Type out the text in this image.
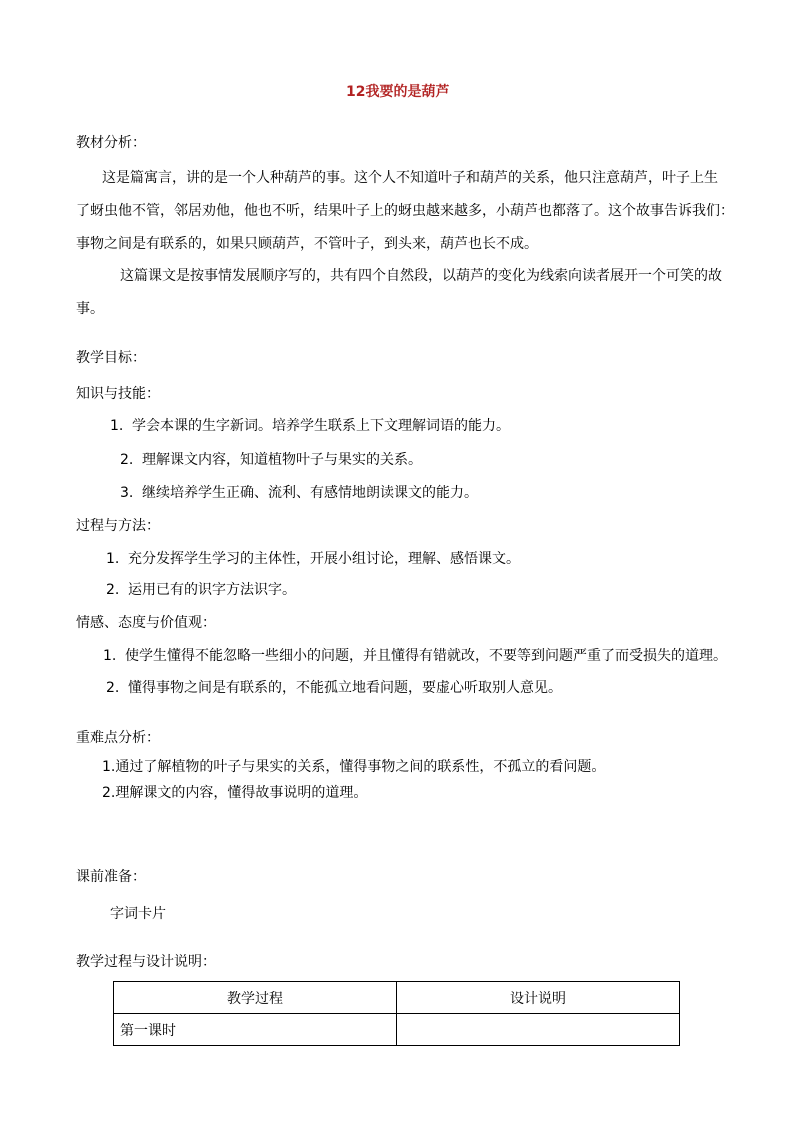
12我要的是葫芦
教材分析：
这是篇寓言，讲的是一个人种葫芦的事。这个人不知道叶子和葫芦的关系，他只注意葫芦，叶子上生
了蚜虫他不管，邻居劝他，他也不听，结果叶子上的蚜虫越来越多，小葫芦也都落了。这个故事告诉我们：
事物之间是有联系的，如果只顾葫芦，不管叶子，到头来，葫芦也长不成。
这篇课文是按事情发展顺序写的，共有四个自然段，以葫芦的变化为线索向读者展开一个可笑的故
事。
教学目标：
知识与技能：
1. 学会本课的生字新词。培养学生联系上下文理解词语的能力。
2. 理解课文内容，知道植物叶子与果实的关系。
3. 继续培养学生正确、流利、有感情地朗读课文的能力。
过程与方法：
1. 充分发挥学生学习的主体性，开展小组讨论，理解、感悟课文。
2. 运用已有的识字方法识字。
情感、态度与价值观：
1. 使学生懂得不能忽略一些细小的问题，并且懂得有错就改，不要等到问题严重了而受损失的道理。
2. 懂得事物之间是有联系的，不能孤立地看问题，要虚心听取别人意见。
重难点分析：
1.通过了解植物的叶子与果实的关系，懂得事物之间的联系性，不孤立的看问题。
2.理解课文的内容，懂得故事说明的道理。
课前准备：
字词卡片
教学过程与设计说明：
教学过程	设计说明
第一课时	
